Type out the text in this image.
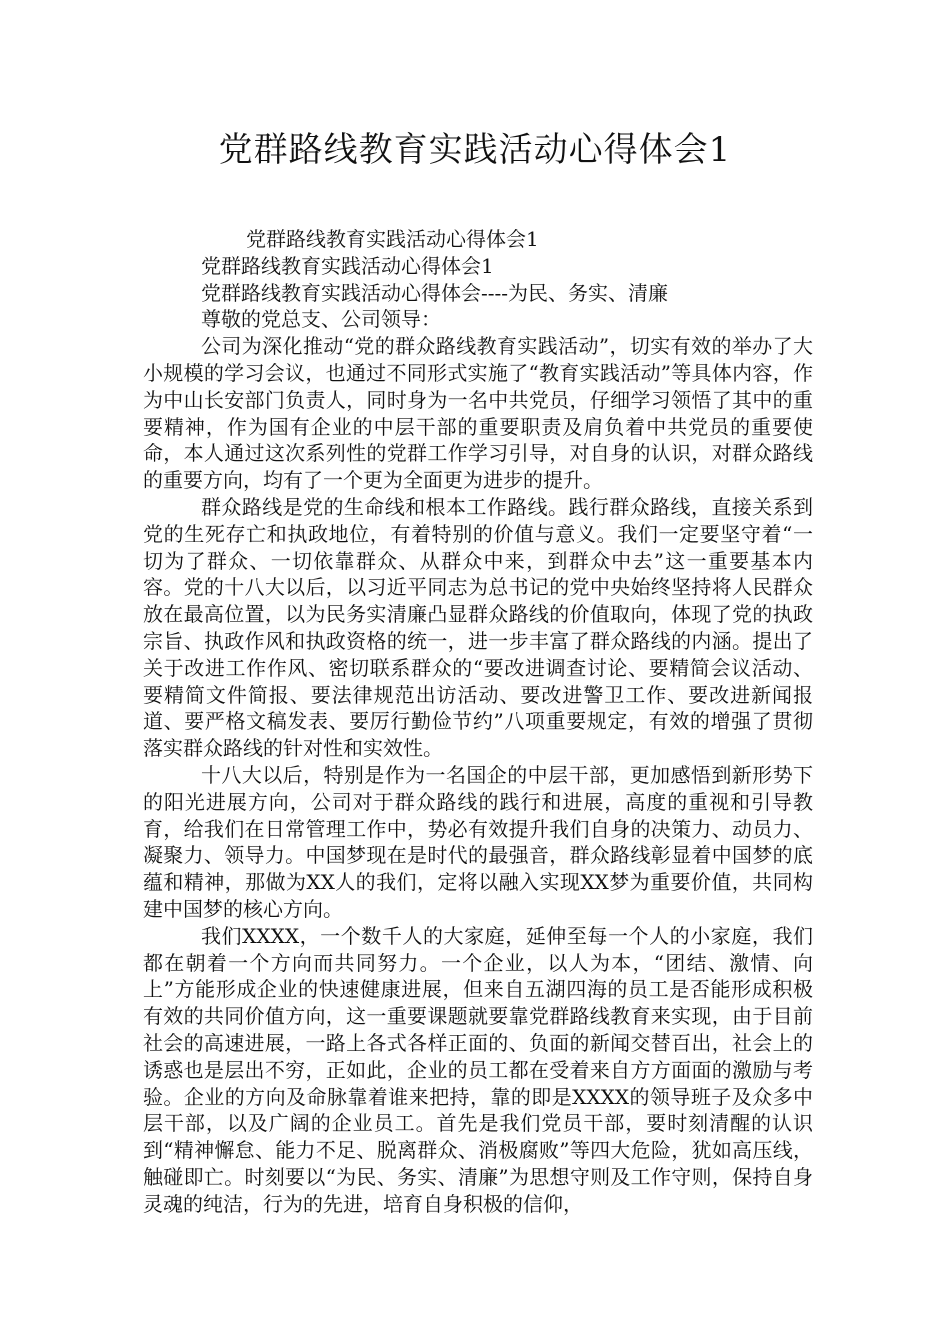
党群路线教育实践活动心得体会1

党群路线教育实践活动心得体会1

党群路线教育实践活动心得体会1

党群路线教育实践活动心得体会----为民、务实、清廉

尊敬的党总支、公司领导：

公司为深化推动“党的群众路线教育实践活动”，切实有效的举办了大小规模的学习会议，也通过不同形式实施了“教育实践活动”等具体内容，作为中山长安部门负责人，同时身为一名中共党员，仔细学习领悟了其中的重要精神，作为国有企业的中层干部的重要职责及肩负着中共党员的重要使命，本人通过这次系列性的党群工作学习引导，对自身的认识，对群众路线的重要方向，均有了一个更为全面更为进步的提升。

群众路线是党的生命线和根本工作路线。践行群众路线，直接关系到党的生死存亡和执政地位，有着特别的价值与意义。我们一定要坚守着“一切为了群众、一切依靠群众、从群众中来，到群众中去”这一重要基本内容。党的十八大以后，以习近平同志为总书记的党中央始终坚持将人民群众放在最高位置，以为民务实清廉凸显群众路线的价值取向，体现了党的执政宗旨、执政作风和执政资格的统一，进一步丰富了群众路线的内涵。提出了关于改进工作作风、密切联系群众的“要改进调查讨论、要精简会议活动、要精简文件简报、要法律规范出访活动、要改进警卫工作、要改进新闻报道、要严格文稿发表、要厉行勤俭节约”八项重要规定，有效的增强了贯彻落实群众路线的针对性和实效性。

十八大以后，特别是作为一名国企的中层干部，更加感悟到新形势下的阳光进展方向，公司对于群众路线的践行和进展，高度的重视和引导教育，给我们在日常管理工作中，势必有效提升我们自身的决策力、动员力、凝聚力、领导力。中国梦现在是时代的最强音，群众路线彰显着中国梦的底蕴和精神，那做为XX人的我们，定将以融入实现XX梦为重要价值，共同构建中国梦的核心方向。

我们XXXX，一个数千人的大家庭，延伸至每一个人的小家庭，我们都在朝着一个方向而共同努力。一个企业，以人为本，“团结、激情、向上”方能形成企业的快速健康进展，但来自五湖四海的员工是否能形成积极有效的共同价值方向，这一重要课题就要靠党群路线教育来实现，由于目前社会的高速进展，一路上各式各样正面的、负面的新闻交替百出，社会上的诱惑也是层出不穷，正如此，企业的员工都在受着来自方方面面的激励与考验。企业的方向及命脉靠着谁来把持，靠的即是XXXX的领导班子及众多中层干部，以及广阔的企业员工。首先是我们党员干部，要时刻清醒的认识到“精神懈怠、能力不足、脱离群众、消极腐败”等四大危险，犹如高压线，触碰即亡。时刻要以“为民、务实、清廉”为思想守则及工作守则，保持自身灵魂的纯洁，行为的先进，培育自身积极的信仰，
